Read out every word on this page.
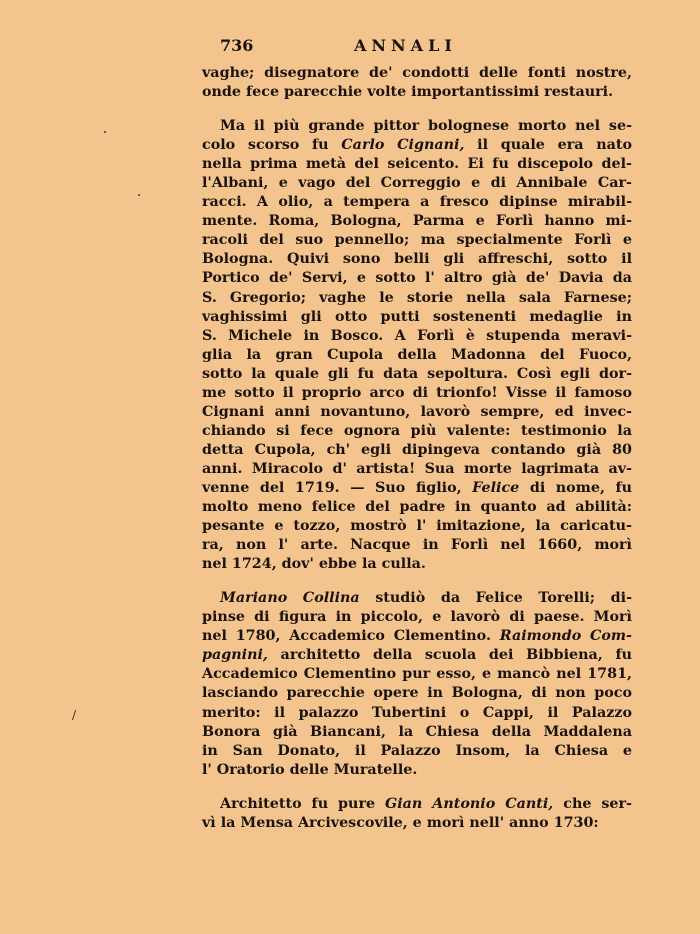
736	ANNALI
vaghe; disegnatore de' condotti delle fonti nostre,
onde fece parecchie volte importantissimi restauri.
Ma il più grande pittor bolognese morto nel se-
colo scorso fu Carlo Cignani, il quale era nato
nella prima metà del seicento. Ei fu discepolo del-
l'Albani, e vago del Correggio e di Annibale Car-
racci. A olio, a tempera a fresco dipinse mirabil-
mente. Roma, Bologna, Parma e Forlì hanno mi-
racoli del suo pennello; ma specialmente Forlì e
Bologna. Quivi sono belli gli affreschi, sotto il
Portico de' Servi, e sotto l' altro già de' Davia da
S. Gregorio; vaghe le storie nella sala Farnese;
vaghissimi gli otto putti sostenenti medaglie in
S. Michele in Bosco. A Forlì è stupenda meravi-
glia la gran Cupola della Madonna del Fuoco,
sotto la quale gli fu data sepoltura. Così egli dor-
me sotto il proprio arco di trionfo! Visse il famoso
Cignani anni novantuno, lavorò sempre, ed invec-
chiando si fece ognora più valente: testimonio la
detta Cupola, ch' egli dipingeva contando già 80
anni. Miracolo d' artista! Sua morte lagrimata av-
venne del 1719. — Suo figlio, Felice di nome, fu
molto meno felice del padre in quanto ad abilità:
pesante e tozzo, mostrò l' imitazione, la caricatu-
ra, non l' arte. Nacque in Forlì nel 1660, morì
nel 1724, dov' ebbe la culla.
Mariano Collina studiò da Felice Torelli; di-
pinse di figura in piccolo, e lavorò di paese. Morì
nel 1780, Accademico Clementino. Raimondo Com-
pagnini, architetto della scuola dei Bibbiena, fu
Accademico Clementino pur esso, e mancò nel 1781,
lasciando parecchie opere in Bologna, di non poco
merito: il palazzo Tubertini o Cappi, il Palazzo
Bonora già Biancani, la Chiesa della Maddalena
in San Donato, il Palazzo Insom, la Chiesa e
l' Oratorio delle Muratelle.
Architetto fu pure Gian Antonio Canti, che ser-
vì la Mensa Arcivescovile, e morì nell' anno 1730:
/
